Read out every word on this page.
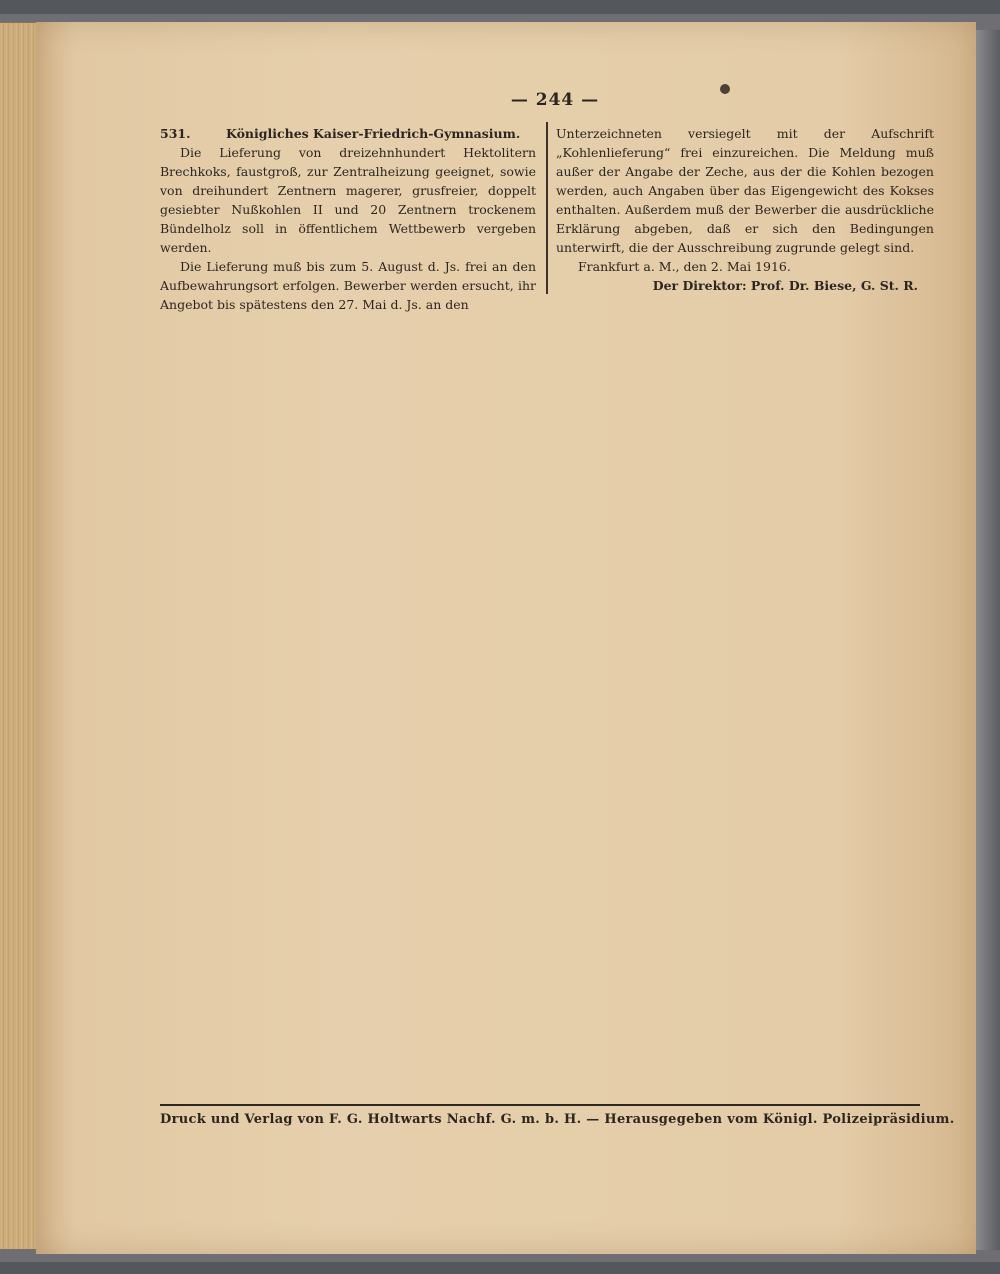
— 244 —
531.	Königliches Kaiser-Friedrich-Gymnasium.
Die Lieferung von dreizehnhundert Hektolitern Brechkoks, faustgroß, zur Zentralheizung geeignet, sowie von dreihundert Zentnern magerer, grusfreier, doppelt gesiebter Nußkohlen II und 20 Zentnern trockenem Bündelholz soll in öffentlichem Wettbewerb vergeben werden.
Die Lieferung muß bis zum 5. August d. Js. frei an den Aufbewahrungsort erfolgen. Bewerber werden ersucht, ihr Angebot bis spätestens den 27. Mai d. Js. an den
Unterzeichneten versiegelt mit der Aufschrift „Kohlenlieferung“ frei einzureichen. Die Meldung muß außer der Angabe der Zeche, aus der die Kohlen bezogen werden, auch Angaben über das Eigengewicht des Kokses enthalten. Außerdem muß der Bewerber die ausdrückliche Erklärung abgeben, daß er sich den Bedingungen unterwirft, die der Ausschreibung zugrunde gelegt sind.
Frankfurt a. M., den 2. Mai 1916.
Der Direktor: Prof. Dr. Biese, G. St. R.
Druck und Verlag von F. G. Holtwarts Nachf. G. m. b. H. — Herausgegeben vom Königl. Polizeipräsidium.
